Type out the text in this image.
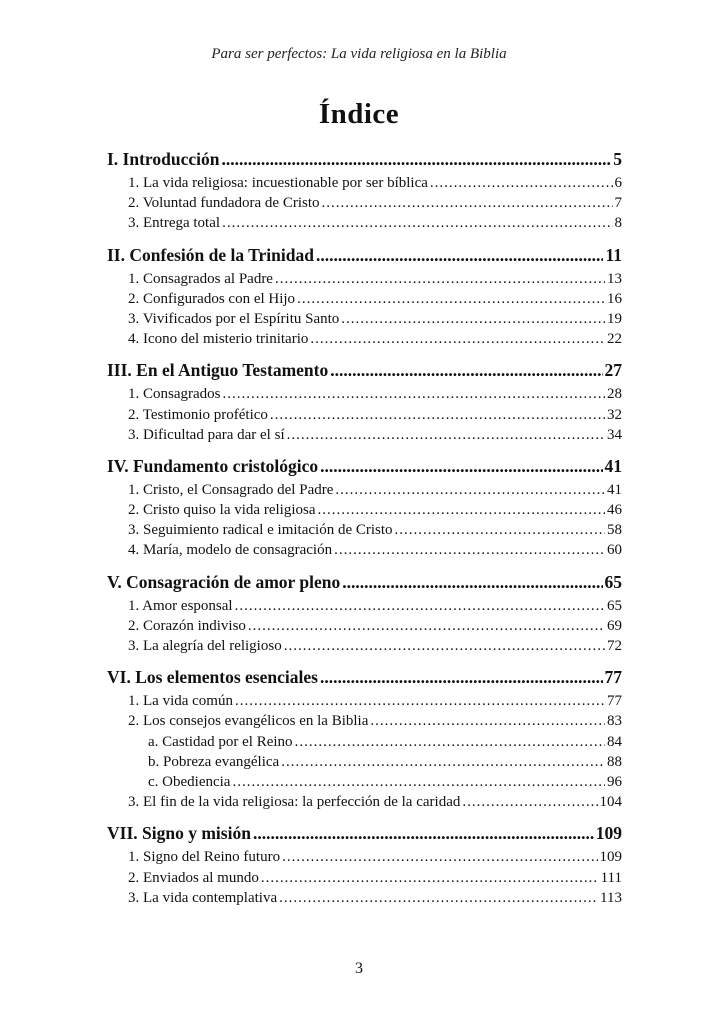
Para ser perfectos: La vida religiosa en la Biblia
Índice
I. Introducción .....	5
1. La vida religiosa: incuestionable por ser bíblica .....	6
2. Voluntad fundadora de Cristo .....	7
3. Entrega total .....	8
II. Confesión de la Trinidad .....	11
1. Consagrados al Padre .....	13
2. Configurados con el Hijo .....	16
3. Vivificados por el Espíritu Santo .....	19
4. Icono del misterio trinitario .....	22
III. En el Antiguo Testamento .....	27
1. Consagrados .....	28
2. Testimonio profético .....	32
3. Dificultad para dar el sí .....	34
IV. Fundamento cristológico .....	41
1. Cristo, el Consagrado del Padre .....	41
2. Cristo quiso la vida religiosa .....	46
3. Seguimiento radical e imitación de Cristo .....	58
4. María, modelo de consagración .....	60
V. Consagración de amor pleno .....	65
1. Amor esponsal .....	65
2. Corazón indiviso .....	69
3. La alegría del religioso .....	72
VI. Los elementos esenciales .....	77
1. La vida común .....	77
2. Los consejos evangélicos en la Biblia .....	83
a. Castidad por el Reino .....	84
b. Pobreza evangélica .....	88
c. Obediencia .....	96
3. El fin de la vida religiosa: la perfección de la caridad .....	104
VII. Signo y misión .....	109
1. Signo del Reino futuro .....	109
2. Enviados al mundo .....	111
3. La vida contemplativa .....	113
3
